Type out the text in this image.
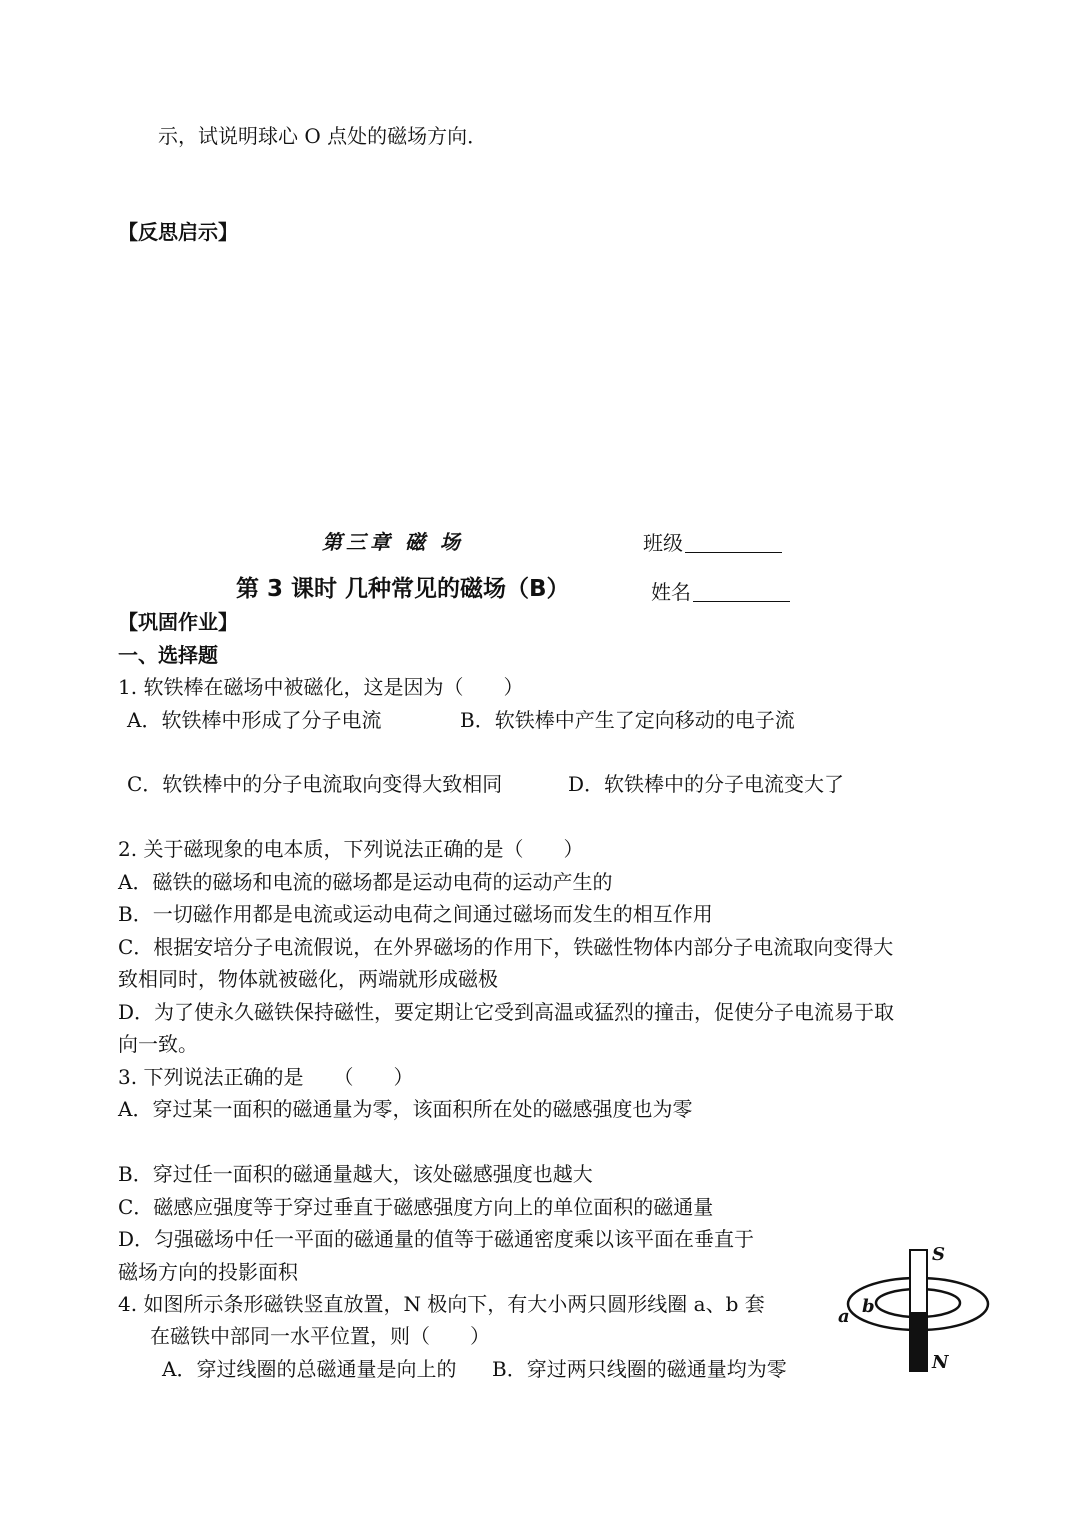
示，试说明球心 O 点处的磁场方向．
【反思启示】
第三章 磁 场	班级
第 3 课时 几种常见的磁场（B）	姓名
【巩固作业】
一、选择题
1. 软铁棒在磁场中被磁化，这是因为（　　）
A．软铁棒中形成了分子电流	B．软铁棒中产生了定向移动的电子流
C．软铁棒中的分子电流取向变得大致相同	D．软铁棒中的分子电流变大了
2. 关于磁现象的电本质，下列说法正确的是（　　）
A．磁铁的磁场和电流的磁场都是运动电荷的运动产生的
B．一切磁作用都是电流或运动电荷之间通过磁场而发生的相互作用
C．根据安培分子电流假说，在外界磁场的作用下，铁磁性物体内部分子电流取向变得大
致相同时，物体就被磁化，两端就形成磁极
D．为了使永久磁铁保持磁性，要定期让它受到高温或猛烈的撞击，促使分子电流易于取
向一致。
3. 下列说法正确的是　　（　　）
A．穿过某一面积的磁通量为零，该面积所在处的磁感强度也为零
B．穿过任一面积的磁通量越大，该处磁感强度也越大
C．磁感应强度等于穿过垂直于磁感强度方向上的单位面积的磁通量
D．匀强磁场中任一平面的磁通量的值等于磁通密度乘以该平面在垂直于
磁场方向的投影面积
4. 如图所示条形磁铁竖直放置，N 极向下，有大小两只圆形线圈 a、b 套
在磁铁中部同一水平位置，则（　　）
A．穿过线圈的总磁通量是向上的 B．穿过两只线圈的磁通量均为零
S
N
a b
